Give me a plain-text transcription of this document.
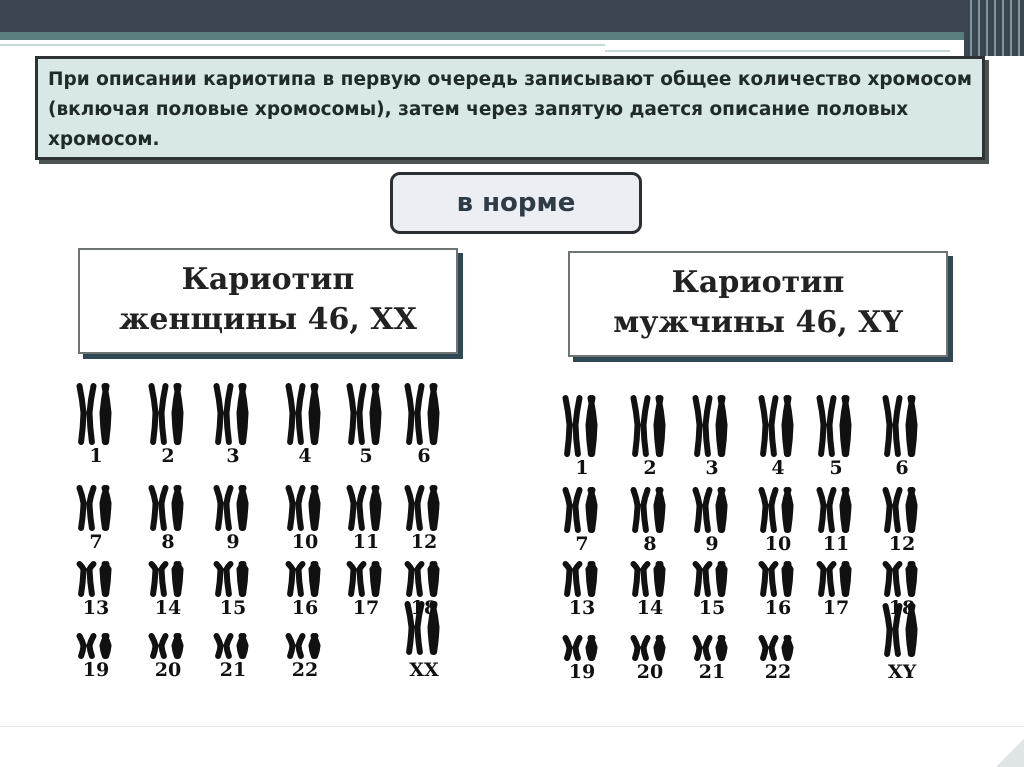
При описании кариотипа в первую очередь записывают общее количество хромосом (включая половые хромосомы), затем через запятую дается описание половых хромосом.

в норме
Кариотип
женщины 46, XX
Кариотип
мужчины 46, XY
1	2	3	4	5	6
7	8	9	10	11	12
13	14	15	16	17	18
19	20	21	22	XX
1	2	3	4	5	6
7	8	9	10	11	12
13	14	15	16	17	18
19	20	21	22	XY
